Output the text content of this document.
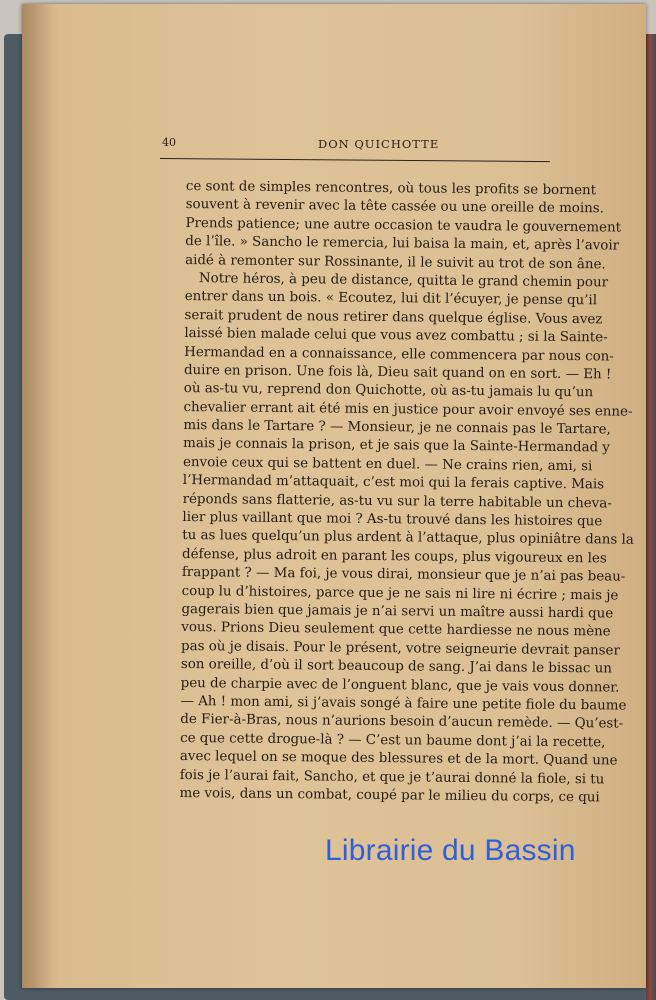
40	DON QUICHOTTE
ce sont de simples rencontres, où tous les profits se bornent
souvent à revenir avec la tête cassée ou une oreille de moins.
Prends patience; une autre occasion te vaudra le gouvernement
de l’île. » Sancho le remercia, lui baisa la main, et, après l’avoir
aidé à remonter sur Rossinante, il le suivit au trot de son âne.
Notre héros, à peu de distance, quitta le grand chemin pour
entrer dans un bois. « Ecoutez, lui dit l’écuyer, je pense qu’il
serait prudent de nous retirer dans quelque église. Vous avez
laissé bien malade celui que vous avez combattu ; si la Sainte-
Hermandad en a connaissance, elle commencera par nous con-
duire en prison. Une fois là, Dieu sait quand on en sort. — Eh !
où as-tu vu, reprend don Quichotte, où as-tu jamais lu qu’un
chevalier errant ait été mis en justice pour avoir envoyé ses enne-
mis dans le Tartare ? — Monsieur, je ne connais pas le Tartare,
mais je connais la prison, et je sais que la Sainte-Hermandad y
envoie ceux qui se battent en duel. — Ne crains rien, ami, si
l’Hermandad m’attaquait, c’est moi qui la ferais captive. Mais
réponds sans flatterie, as-tu vu sur la terre habitable un cheva-
lier plus vaillant que moi ? As-tu trouvé dans les histoires que
tu as lues quelqu’un plus ardent à l’attaque, plus opiniâtre dans la
défense, plus adroit en parant les coups, plus vigoureux en les
frappant ? — Ma foi, je vous dirai, monsieur que je n’ai pas beau-
coup lu d’histoires, parce que je ne sais ni lire ni écrire ; mais je
gagerais bien que jamais je n’ai servi un maître aussi hardi que
vous. Prions Dieu seulement que cette hardiesse ne nous mène
pas où je disais. Pour le présent, votre seigneurie devrait panser
son oreille, d’où il sort beaucoup de sang. J’ai dans le bissac un
peu de charpie avec de l’onguent blanc, que je vais vous donner.
— Ah ! mon ami, si j’avais songé à faire une petite fiole du baume
de Fier-à-Bras, nous n’aurions besoin d’aucun remède. — Qu’est-
ce que cette drogue-là ? — C’est un baume dont j’ai la recette,
avec lequel on se moque des blessures et de la mort. Quand une
fois je l’aurai fait, Sancho, et que je t’aurai donné la fiole, si tu
me vois, dans un combat, coupé par le milieu du corps, ce qui
Librairie du Bassin
